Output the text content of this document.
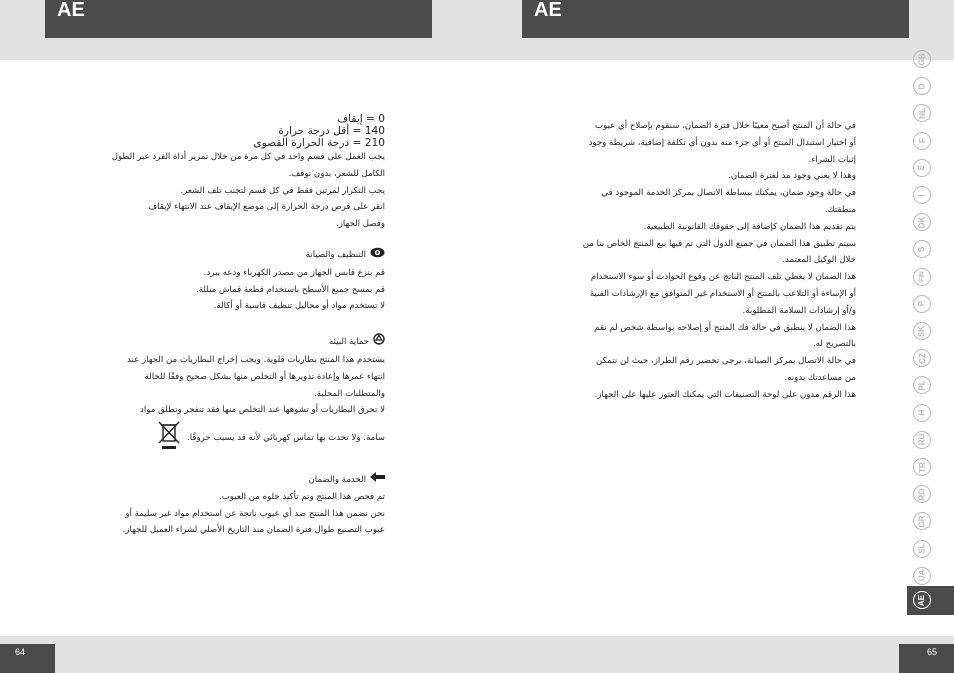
AE	AE

0 = إيقاف

140 = أقل درجة حرارة

210 = درجة الحرارة القصوى

يجب العمل على قسم واحد في كل مرة من خلال تمرير أداة الفرد عبر الطول

الكامل للشعر، بدون توقف.

يجب التكرار لمرتين فقط في كل قسم لتجنب تلف الشعر.

انقر على قرص درجة الحرارة إلى موضع الإيقاف عند الانتهاء لإيقاف

وفصل الجهاز.

التنظيف والصيانة

قم بنزع قابس الجهاز من مصدر الكهرباء ودعه يبرد.

قم بمسح جميع الأسطح باستخدام قطعة قماش مبللة.

لا تستخدم مواد أو محاليل تنظيف قاسية أو أكالة.

حماية البيئة

يستخدم هذا المنتج بطاريات قلوية. ويجب إخراج البطاريات من الجهاز عند

انتهاء عمرها وإعادة تدويرها أو التخلص منها بشكل صحيح وفقًا للحالة

والمتطلبات المحلية.

لا تحرق البطاريات أو تشوهها عند التخلص منها فقد تنفجر وتطلق مواد

سامة. ولا تحدث بها تماس كهربائي لأنه قد يسبب حروقًا.

الخدمة والضمان

تم فحص هذا المنتج وتم تأكيد خلوه من العيوب.

نحن نضمن هذا المنتج ضد أي عيوب ناتجة عن استخدام مواد غير سليمة أو

عيوب التصنيع طوال فترة الضمان منذ التاريخ الأصلي لشراء العميل للجهاز.

في حالة أن المنتج أصبح معيبًا خلال فترة الضمان، سنقوم بإصلاح أي عيوب

أو اختيار استبدال المنتج أو أي جزء منه بدون أي تكلفة إضافية، شريطة وجود

إثبات الشراء.

وهذا لا يعني وجود مد لفترة الضمان.

في حالة وجود ضمان، يمكنك ببساطة الاتصال بمركز الخدمة الموجود في

منطقتك.

يتم تقديم هذا الضمان كإضافة إلى حقوقك القانونية الطبيعية.

سيتم تطبيق هذا الضمان في جميع الدول التي تم فيها بيع المنتج الخاص بنا من

خلال الوكيل المعتمد.

هذا الضمان لا يغطي تلف المنتج الناتج عن وقوع الحوادث أو سوء الاستخدام

أو الإساءة أو التلاعب بالمنتج أو الاستخدام غير المتوافق مع الإرشادات الفنية

و/أو إرشادات السلامة المطلوبة.

هذا الضمان لا ينطبق في حالة فك المنتج أو إصلاحه بواسطة شخص لم نقم

بالتصريح له.

في حالة الاتصال بمركز الصيانة، يرجى تحضير رقم الطراز، حيث لن نتمكن

من مساعدتك بدونه.

هذا الرقم مدون على لوحة التصنيفات التي يمكنك العثور عليها على الجهاز.

GB
D
NL
F
E
I
DK
S
FIN
P
SK
CZ
PL
H
RU
TR
RO
GR
SL
UA
64	65
AE
